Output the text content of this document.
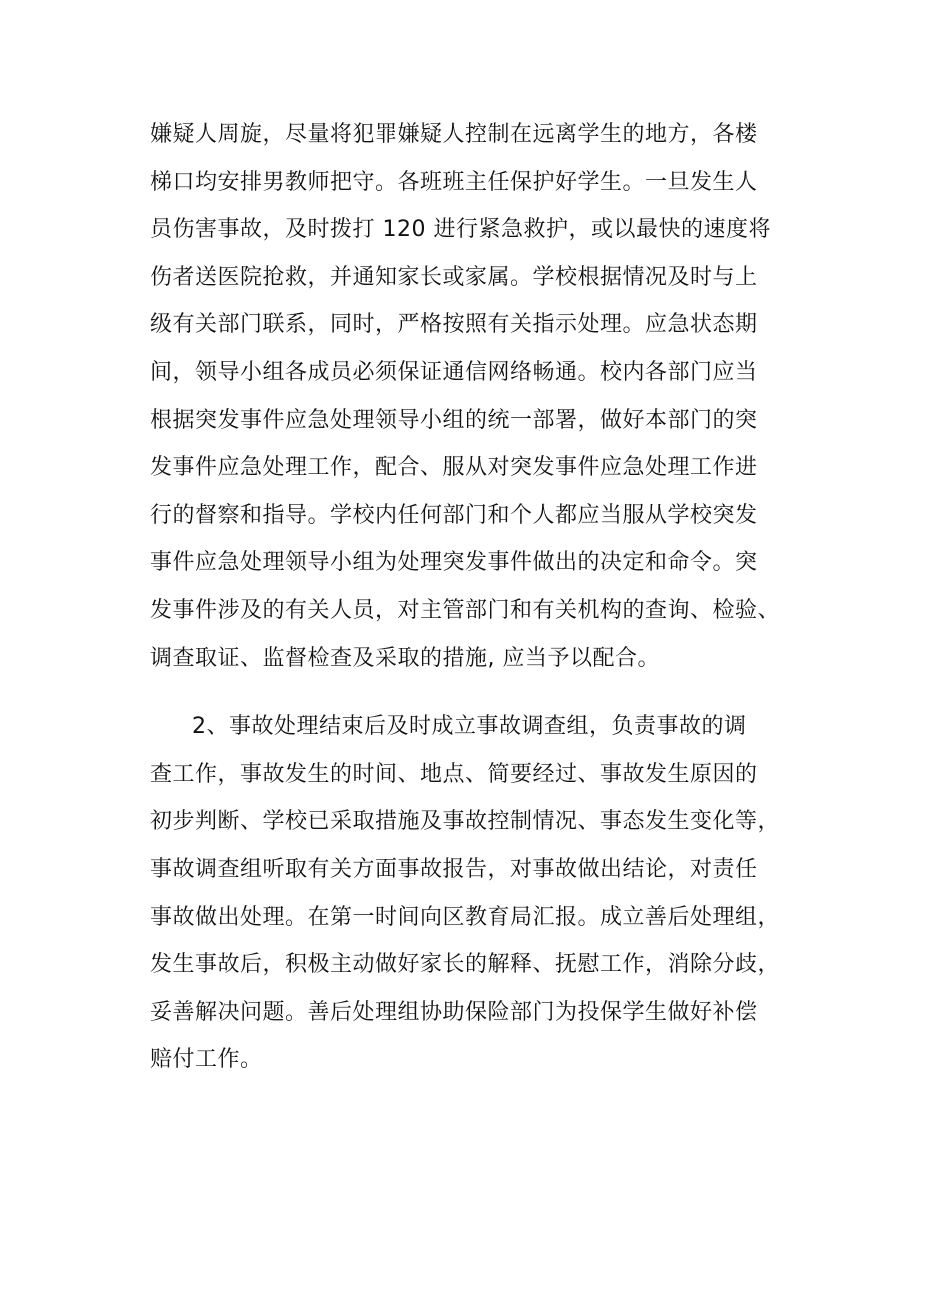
嫌疑人周旋，尽量将犯罪嫌疑人控制在远离学生的地方，各楼
梯口均安排男教师把守。各班班主任保护好学生。一旦发生人
员伤害事故，及时拨打 120 进行紧急救护，或以最快的速度将
伤者送医院抢救，并通知家长或家属。学校根据情况及时与上
级有关部门联系，同时，严格按照有关指示处理。应急状态期
间，领导小组各成员必须保证通信网络畅通。校内各部门应当
根据突发事件应急处理领导小组的统一部署，做好本部门的突
发事件应急处理工作，配合、服从对突发事件应急处理工作进
行的督察和指导。学校内任何部门和个人都应当服从学校突发
事件应急处理领导小组为处理突发事件做出的决定和命令。突
发事件涉及的有关人员，对主管部门和有关机构的查询、检验、
调查取证、监督检查及采取的措施, 应当予以配合。
2、事故处理结束后及时成立事故调查组，负责事故的调
查工作，事故发生的时间、地点、简要经过、事故发生原因的
初步判断、学校已采取措施及事故控制情况、事态发生变化等，
事故调查组听取有关方面事故报告，对事故做出结论，对责任
事故做出处理。在第一时间向区教育局汇报。成立善后处理组，
发生事故后，积极主动做好家长的解释、抚慰工作，消除分歧，
妥善解决问题。善后处理组协助保险部门为投保学生做好补偿
赔付工作。
